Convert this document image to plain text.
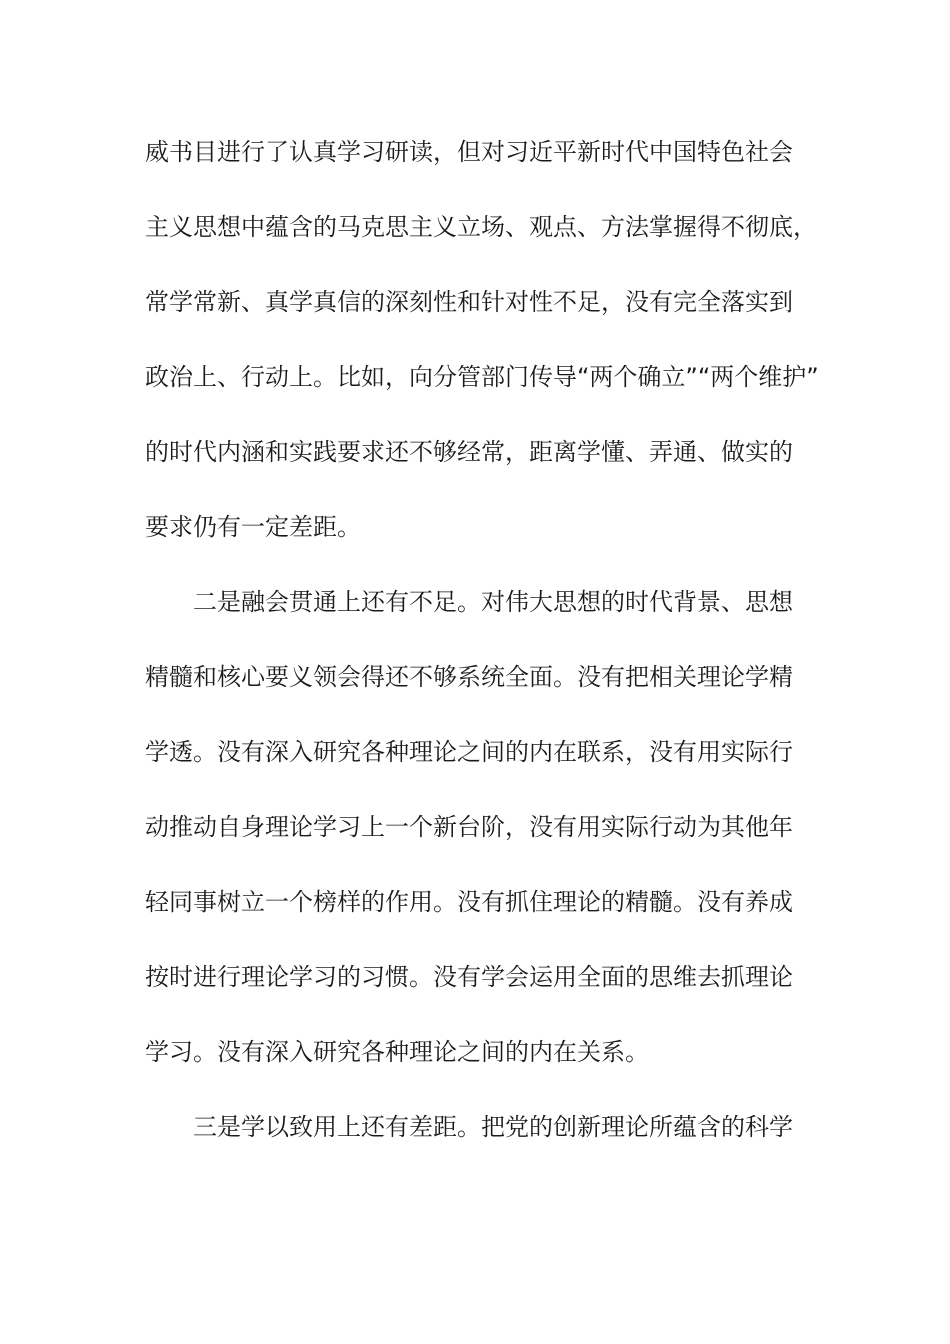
威书目进行了认真学习研读，但对习近平新时代中国特色社会
主义思想中蕴含的马克思主义立场、观点、方法掌握得不彻底，
常学常新、真学真信的深刻性和针对性不足，没有完全落实到
政治上、行动上。比如，向分管部门传导“两个确立”“两个维护”
的时代内涵和实践要求还不够经常，距离学懂、弄通、做实的
要求仍有一定差距。
二是融会贯通上还有不足。对伟大思想的时代背景、思想
精髓和核心要义领会得还不够系统全面。没有把相关理论学精
学透。没有深入研究各种理论之间的内在联系，没有用实际行
动推动自身理论学习上一个新台阶，没有用实际行动为其他年
轻同事树立一个榜样的作用。没有抓住理论的精髓。没有养成
按时进行理论学习的习惯。没有学会运用全面的思维去抓理论
学习。没有深入研究各种理论之间的内在关系。
三是学以致用上还有差距。把党的创新理论所蕴含的科学
